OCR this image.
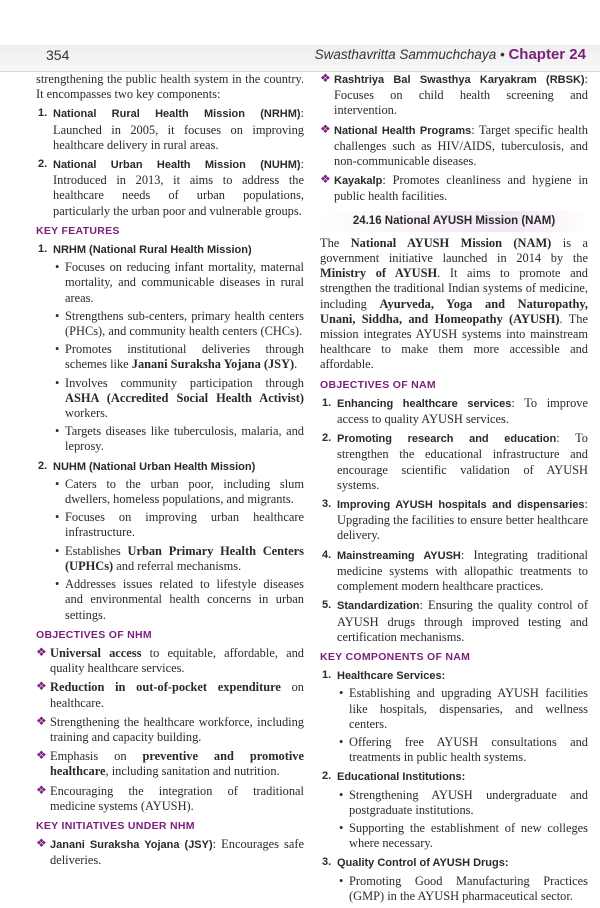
354	Swasthavritta Sammuchchaya • Chapter 24

strengthening the public health system in the country. It encompasses two key components:

1. National Rural Health Mission (NRHM): Launched in 2005, it focuses on improving healthcare delivery in rural areas.
2. National Urban Health Mission (NUHM): Introduced in 2013, it aims to address the healthcare needs of urban populations, particularly the urban poor and vulnerable groups.
KEY FEATURES
1. NRHM (National Rural Health Mission)
• Focuses on reducing infant mortality, maternal mortality, and communicable diseases in rural areas.
• Strengthens sub-centers, primary health centers (PHCs), and community health centers (CHCs).
• Promotes institutional deliveries through schemes like Janani Suraksha Yojana (JSY).
• Involves community participation through ASHA (Accredited Social Health Activist) workers.
• Targets diseases like tuberculosis, malaria, and leprosy.
2. NUHM (National Urban Health Mission)
• Caters to the urban poor, including slum dwellers, homeless populations, and migrants.
• Focuses on improving urban healthcare infrastructure.
• Establishes Urban Primary Health Centers (UPHCs) and referral mechanisms.
• Addresses issues related to lifestyle diseases and environmental health concerns in urban settings.
OBJECTIVES OF NHM
❖ Universal access to equitable, affordable, and quality healthcare services.
❖ Reduction in out-of-pocket expenditure on healthcare.
❖ Strengthening the healthcare workforce, including training and capacity building.
❖ Emphasis on preventive and promotive healthcare, including sanitation and nutrition.
❖ Encouraging the integration of traditional medicine systems (AYUSH).
KEY INITIATIVES UNDER NHM
❖ Janani Suraksha Yojana (JSY): Encourages safe deliveries.
❖ Rashtriya Bal Swasthya Karyakram (RBSK): Focuses on child health screening and intervention.
❖ National Health Programs: Target specific health challenges such as HIV/AIDS, tuberculosis, and non-communicable diseases.
❖ Kayakalp: Promotes cleanliness and hygiene in public health facilities.
24.16 National AYUSH Mission (NAM)

The National AYUSH Mission (NAM) is a government initiative launched in 2014 by the Ministry of AYUSH. It aims to promote and strengthen the traditional Indian systems of medicine, including Ayurveda, Yoga and Naturopathy, Unani, Siddha, and Homeopathy (AYUSH). The mission integrates AYUSH systems into mainstream healthcare to make them more accessible and affordable.

OBJECTIVES OF NAM
1. Enhancing healthcare services: To improve access to quality AYUSH services.
2. Promoting research and education: To strengthen the educational infrastructure and encourage scientific validation of AYUSH systems.
3. Improving AYUSH hospitals and dispensaries: Upgrading the facilities to ensure better healthcare delivery.
4. Mainstreaming AYUSH: Integrating traditional medicine systems with allopathic treatments to complement modern healthcare practices.
5. Standardization: Ensuring the quality control of AYUSH drugs through improved testing and certification mechanisms.
KEY COMPONENTS OF NAM
1. Healthcare Services:
• Establishing and upgrading AYUSH facilities like hospitals, dispensaries, and wellness centers.
• Offering free AYUSH consultations and treatments in public health systems.
2. Educational Institutions:
• Strengthening AYUSH undergraduate and postgraduate institutions.
• Supporting the establishment of new colleges where necessary.
3. Quality Control of AYUSH Drugs:
• Promoting Good Manufacturing Practices (GMP) in the AYUSH pharmaceutical sector.
